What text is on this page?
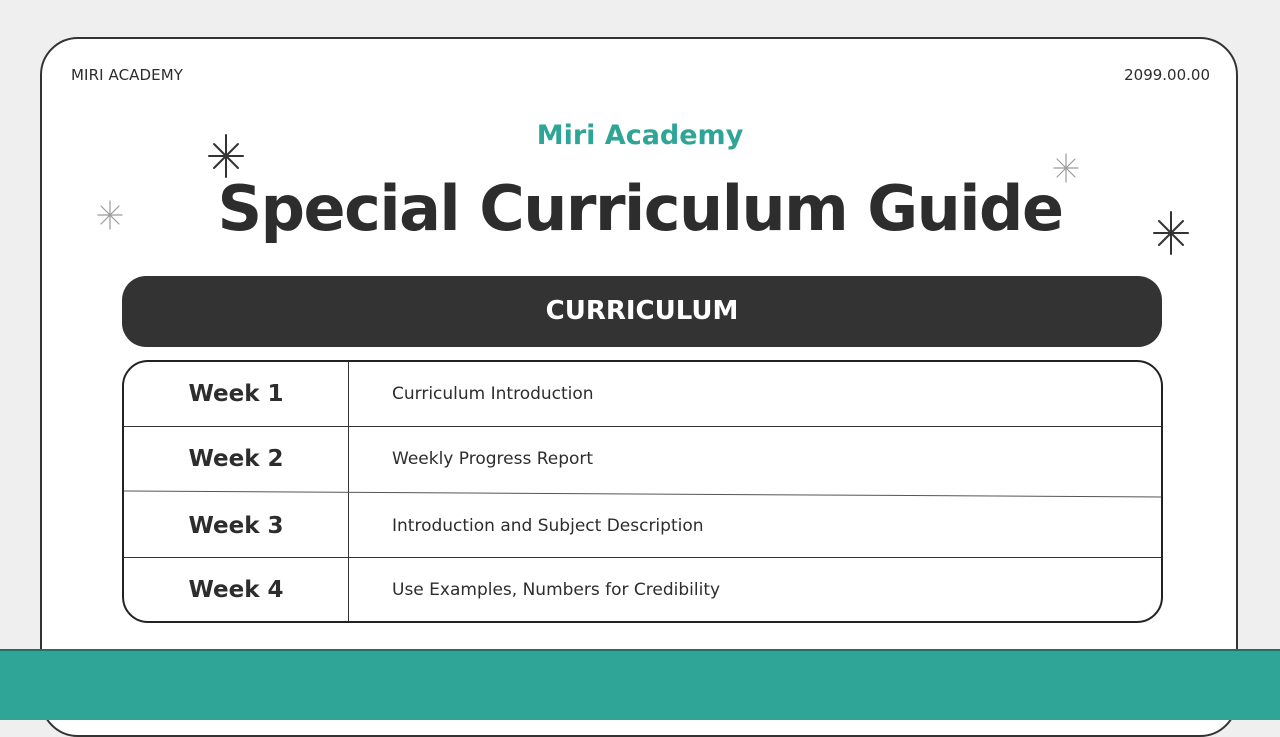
MIRI ACADEMY	2099.00.00
Miri Academy
Special Curriculum Guide
CURRICULUM
Week 1	Curriculum Introduction
Week 2	Weekly Progress Report
Week 3	Introduction and Subject Description
Week 4	Use Examples, Numbers for Credibility
